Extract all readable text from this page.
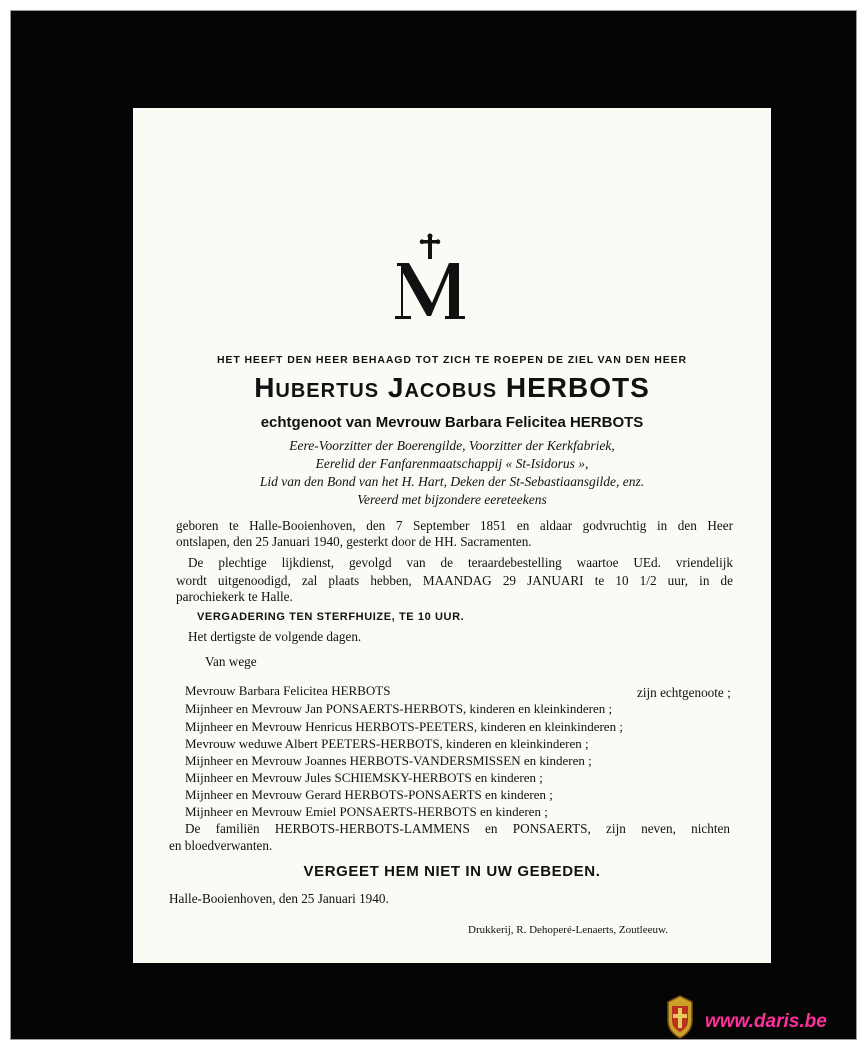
HET HEEFT DEN HEER BEHAAGD TOT ZICH TE ROEPEN DE ZIEL VAN DEN HEER
Hubertus Jacobus HERBOTS
echtgenoot van Mevrouw Barbara Felicitea HERBOTS
Eere-Voorzitter der Boerengilde, Voorzitter der Kerkfabriek,
Eerelid der Fanfarenmaatschappij « St-Isidorus »,
Lid van den Bond van het H. Hart, Deken der St-Sebastiaansgilde, enz.
Vereerd met bijzondere eereteekens
geboren te Halle-Booienhoven, den 7 September 1851 en aldaar godvruchtig in den Heer
ontslapen, den 25 Januari 1940, gesterkt door de HH. Sacramenten.
De plechtige lijkdienst, gevolgd van de teraardebestelling waartoe UEd. vriendelijk
wordt uitgenoodigd, zal plaats hebben, MAANDAG 29 JANUARI te 10 1/2 uur, in de
parochiekerk te Halle.
VERGADERING TEN STERFHUIZE, TE 10 UUR.
Het dertigste de volgende dagen.
Van wege
Mevrouw Barbara Felicitea HERBOTS	zijn echtgenoote ;
Mijnheer en Mevrouw Jan PONSAERTS-HERBOTS, kinderen en kleinkinderen ;
Mijnheer en Mevrouw Henricus HERBOTS-PEETERS, kinderen en kleinkinderen ;
Mevrouw weduwe Albert PEETERS-HERBOTS, kinderen en kleinkinderen ;
Mijnheer en Mevrouw Joannes HERBOTS-VANDERSMISSEN en kinderen ;
Mijnheer en Mevrouw Jules SCHIEMSKY-HERBOTS en kinderen ;
Mijnheer en Mevrouw Gerard HERBOTS-PONSAERTS en kinderen ;
Mijnheer en Mevrouw Emiel PONSAERTS-HERBOTS en kinderen ;
De familiën HERBOTS-HERBOTS-LAMMENS en PONSAERTS, zijn neven, nichten
en bloedverwanten.
VERGEET HEM NIET IN UW GEBEDEN.
Halle-Booienhoven, den 25 Januari 1940.
Drukkerij, R. Dehoperé-Lenaerts, Zoutleeuw.
www.daris.be
